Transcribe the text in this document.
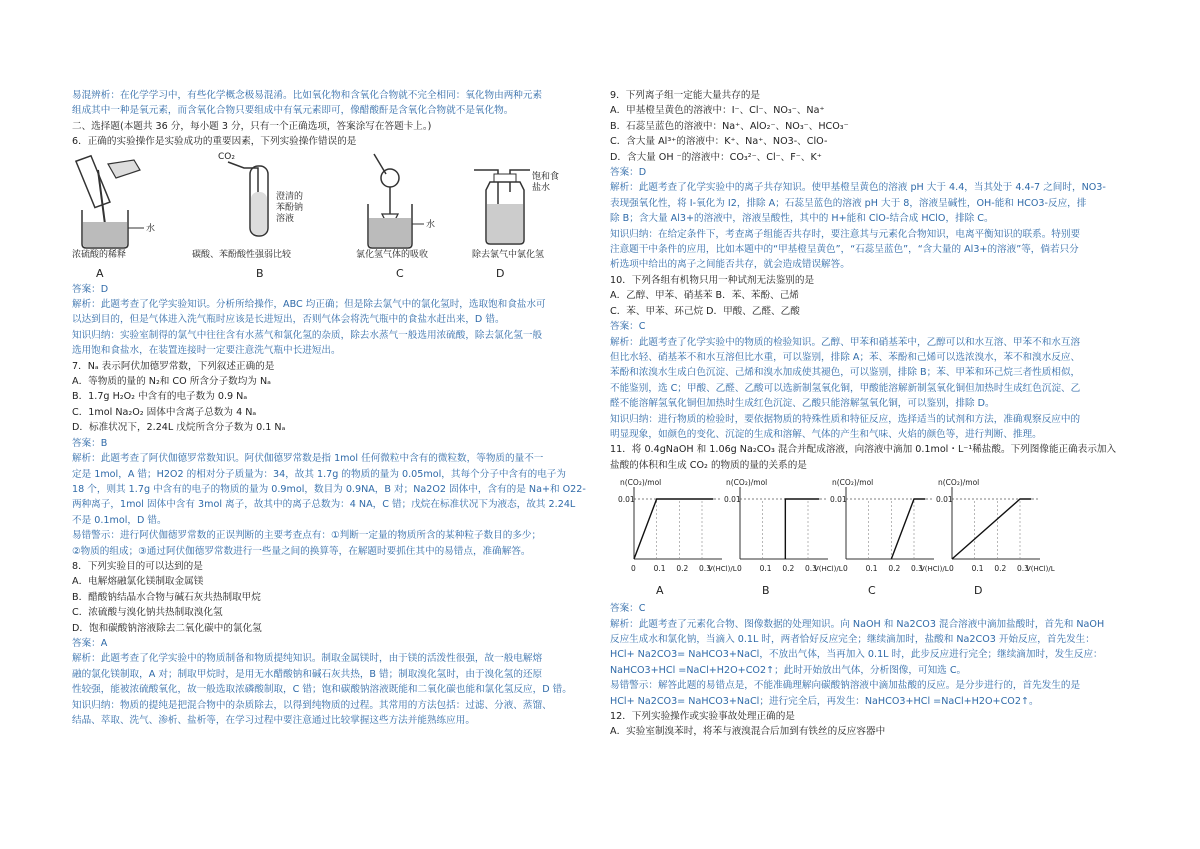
易混辨析：在化学学习中，有些化学概念极易混淆。比如氧化物和含氧化合物就不完全相同：氧化物由两种元素

组成其中一种是氧元素，而含氧化合物只要组成中有氧元素即可，像醋酸酐是含氧化合物就不是氧化物。

二、选择题(本题共 36 分，每小题 3 分，只有一个正确选项，答案涂写在答题卡上。)

6．正确的实验操作是实验成功的重要因素，下列实验操作错误的是

水
浓硫酸的稀释
A
CO₂
澄清的苯酚钠溶液
碳酸、苯酚酸性强弱比较
B
水
氯化氢气体的吸收
C
饱和食盐水
除去氯气中氯化氢
D

答案：D

解析：此题考查了化学实验知识。分析所给操作，ABC 均正确；但是除去氯气中的氯化氢时，选取饱和食盐水可

以达到目的，但是气体进入洗气瓶时应该是长进短出，否则气体会将洗气瓶中的食盐水赶出来，D 错。

知识归纳：实验室制得的氯气中往往含有水蒸气和氯化氢的杂质，除去水蒸气一般选用浓硫酸，除去氯化氢一般

选用饱和食盐水，在装置连接时一定要注意洗气瓶中长进短出。

7．Nₐ 表示阿伏加德罗常数，下列叙述正确的是

A．等物质的量的 N₂和 CO 所含分子数均为 Nₐ

B．1.7g H₂O₂ 中含有的电子数为 0.9 Nₐ

C．1mol Na₂O₂ 固体中含离子总数为 4 Nₐ

D．标准状况下，2.24L 戊烷所含分子数为 0.1 Nₐ

答案：B

解析：此题考查了阿伏伽德罗常数知识。阿伏伽德罗常数是指 1mol 任何微粒中含有的微粒数，等物质的量不一

定是 1mol，A 错；H2O2 的相对分子质量为：34，故其 1.7g 的物质的量为 0.05mol，其每个分子中含有的电子为

18 个，则其 1.7g 中含有的电子的物质的量为 0.9mol，数目为 0.9NA，B 对；Na2O2 固体中，含有的是 Na+和 O22-

两种离子，1mol 固体中含有 3mol 离子，故其中的离子总数为：4 NA，C 错；戊烷在标准状况下为液态，故其 2.24L

不是 0.1mol，D 错。

易错警示：进行阿伏伽德罗常数的正误判断的主要考查点有：①判断一定量的物质所含的某种粒子数目的多少；

②物质的组成；③通过阿伏伽德罗常数进行一些量之间的换算等，在解题时要抓住其中的易错点，准确解答。

8．下列实验目的可以达到的是

A．电解熔融氯化镁制取金属镁

B．醋酸钠结晶水合物与碱石灰共热制取甲烷

C．浓硫酸与溴化钠共热制取溴化氢

D．饱和碳酸钠溶液除去二氧化碳中的氯化氢

答案：A

解析：此题考查了化学实验中的物质制备和物质提纯知识。制取金属镁时，由于镁的活泼性很强，故一般电解熔

融的氯化镁制取，A 对；制取甲烷时，是用无水醋酸钠和碱石灰共热，B 错；制取溴化氢时，由于溴化氢的还原

性较强，能被浓硫酸氧化，故一般选取浓磷酸制取，C 错；饱和碳酸钠溶液既能和二氧化碳也能和氯化氢反应，D 错。

知识归纳：物质的提纯是把混合物中的杂质除去，以得到纯物质的过程。其常用的方法包括：过滤、分液、蒸馏、

结晶、萃取、洗气、渗析、盐析等，在学习过程中要注意通过比较掌握这些方法并能熟练应用。

9．下列离子组一定能大量共存的是

A．甲基橙呈黄色的溶液中：I⁻、Cl⁻、NO₃⁻、Na⁺

B．石蕊呈蓝色的溶液中：Na⁺、AlO₂⁻、NO₃⁻、HCO₃⁻

C．含大量 Al³⁺的溶液中：K⁺、Na⁺、NO3-、ClO-

D．含大量 OH ⁻的溶液中：CO₃²⁻、Cl⁻、F⁻、K⁺

答案：D

解析：此题考查了化学实验中的离子共存知识。使甲基橙呈黄色的溶液 pH 大于 4.4，当其处于 4.4-7 之间时，NO3-

表现强氧化性，将 I-氧化为 I2，排除 A；石蕊呈蓝色的溶液 pH 大于 8，溶液呈碱性，OH-能和 HCO3-反应，排

除 B；含大量 Al3+的溶液中，溶液呈酸性，其中的 H+能和 ClO-结合成 HClO，排除 C。

知识归纳：在给定条件下，考查离子组能否共存时，要注意其与元素化合物知识，电离平衡知识的联系。特别要

注意题干中条件的应用，比如本题中的“甲基橙呈黄色”，“石蕊呈蓝色”，“含大量的 Al3+的溶液”等，倘若只分

析选项中给出的离子之间能否共存，就会造成错误解答。

10．下列各组有机物只用一种试剂无法鉴别的是

A．乙醇、甲苯、硝基苯 B．苯、苯酚、己烯

C．苯、甲苯、环己烷 D．甲酸、乙醛、乙酸

答案：C

解析：此题考查了化学实验中的物质的检验知识。乙醇、甲苯和硝基苯中，乙醇可以和水互溶、甲苯不和水互溶

但比水轻、硝基苯不和水互溶但比水重，可以鉴别，排除 A；苯、苯酚和己烯可以选浓溴水，苯不和溴水反应、

苯酚和浓溴水生成白色沉淀、己烯和溴水加成使其褪色，可以鉴别，排除 B；苯、甲苯和环己烷三者性质相似，

不能鉴别，选 C；甲酸、乙醛、乙酸可以选新制氢氧化铜，甲酸能溶解新制氢氧化铜但加热时生成红色沉淀、乙

醛不能溶解氢氧化铜但加热时生成红色沉淀、乙酸只能溶解氢氧化铜，可以鉴别，排除 D。

知识归纳：进行物质的检验时，要依据物质的特殊性质和特征反应，选择适当的试剂和方法，准确观察反应中的

明显现象，如颜色的变化、沉淀的生成和溶解、气体的产生和气味、火焰的颜色等，进行判断、推理。

11．将 0.4gNaOH 和 1.06g Na₂CO₃ 混合并配成溶液，向溶液中滴加 0.1mol・L⁻¹稀盐酸。下列图像能正确表示加入

盐酸的体积和生成 CO₂ 的物质的量的关系的是

n(CO₂)/mol
0.01
0 0.1 0.2 0.3
V(HCl)/L
A
n(CO₂)/mol
0.01
0 0.1 0.2 0.3
V(HCl)/L
B
n(CO₂)/mol
0.01
0 0.1 0.2 0.3
V(HCl)/L
C
n(CO₂)/mol
0.01
0 0.1 0.2 0.3
V(HCl)/L
D

答案：C

解析：此题考查了元素化合物、图像数据的处理知识。向 NaOH 和 Na2CO3 混合溶液中滴加盐酸时，首先和 NaOH

反应生成水和氯化钠，当滴入 0.1L 时，两者恰好反应完全；继续滴加时，盐酸和 Na2CO3 开始反应，首先发生：

HCl+ Na2CO3= NaHCO3+NaCl，不放出气体，当再加入 0.1L 时，此步反应进行完全；继续滴加时，发生反应：

NaHCO3+HCl =NaCl+H2O+CO2↑；此时开始放出气体，分析图像，可知选 C。

易错警示：解答此题的易错点是，不能准确理解向碳酸钠溶液中滴加盐酸的反应。是分步进行的，首先发生的是

HCl+ Na2CO3= NaHCO3+NaCl；进行完全后，再发生：NaHCO3+HCl =NaCl+H2O+CO2↑。

12．下列实验操作或实验事故处理正确的是

A．实验室制溴苯时，将苯与液溴混合后加到有铁丝的反应容器中
